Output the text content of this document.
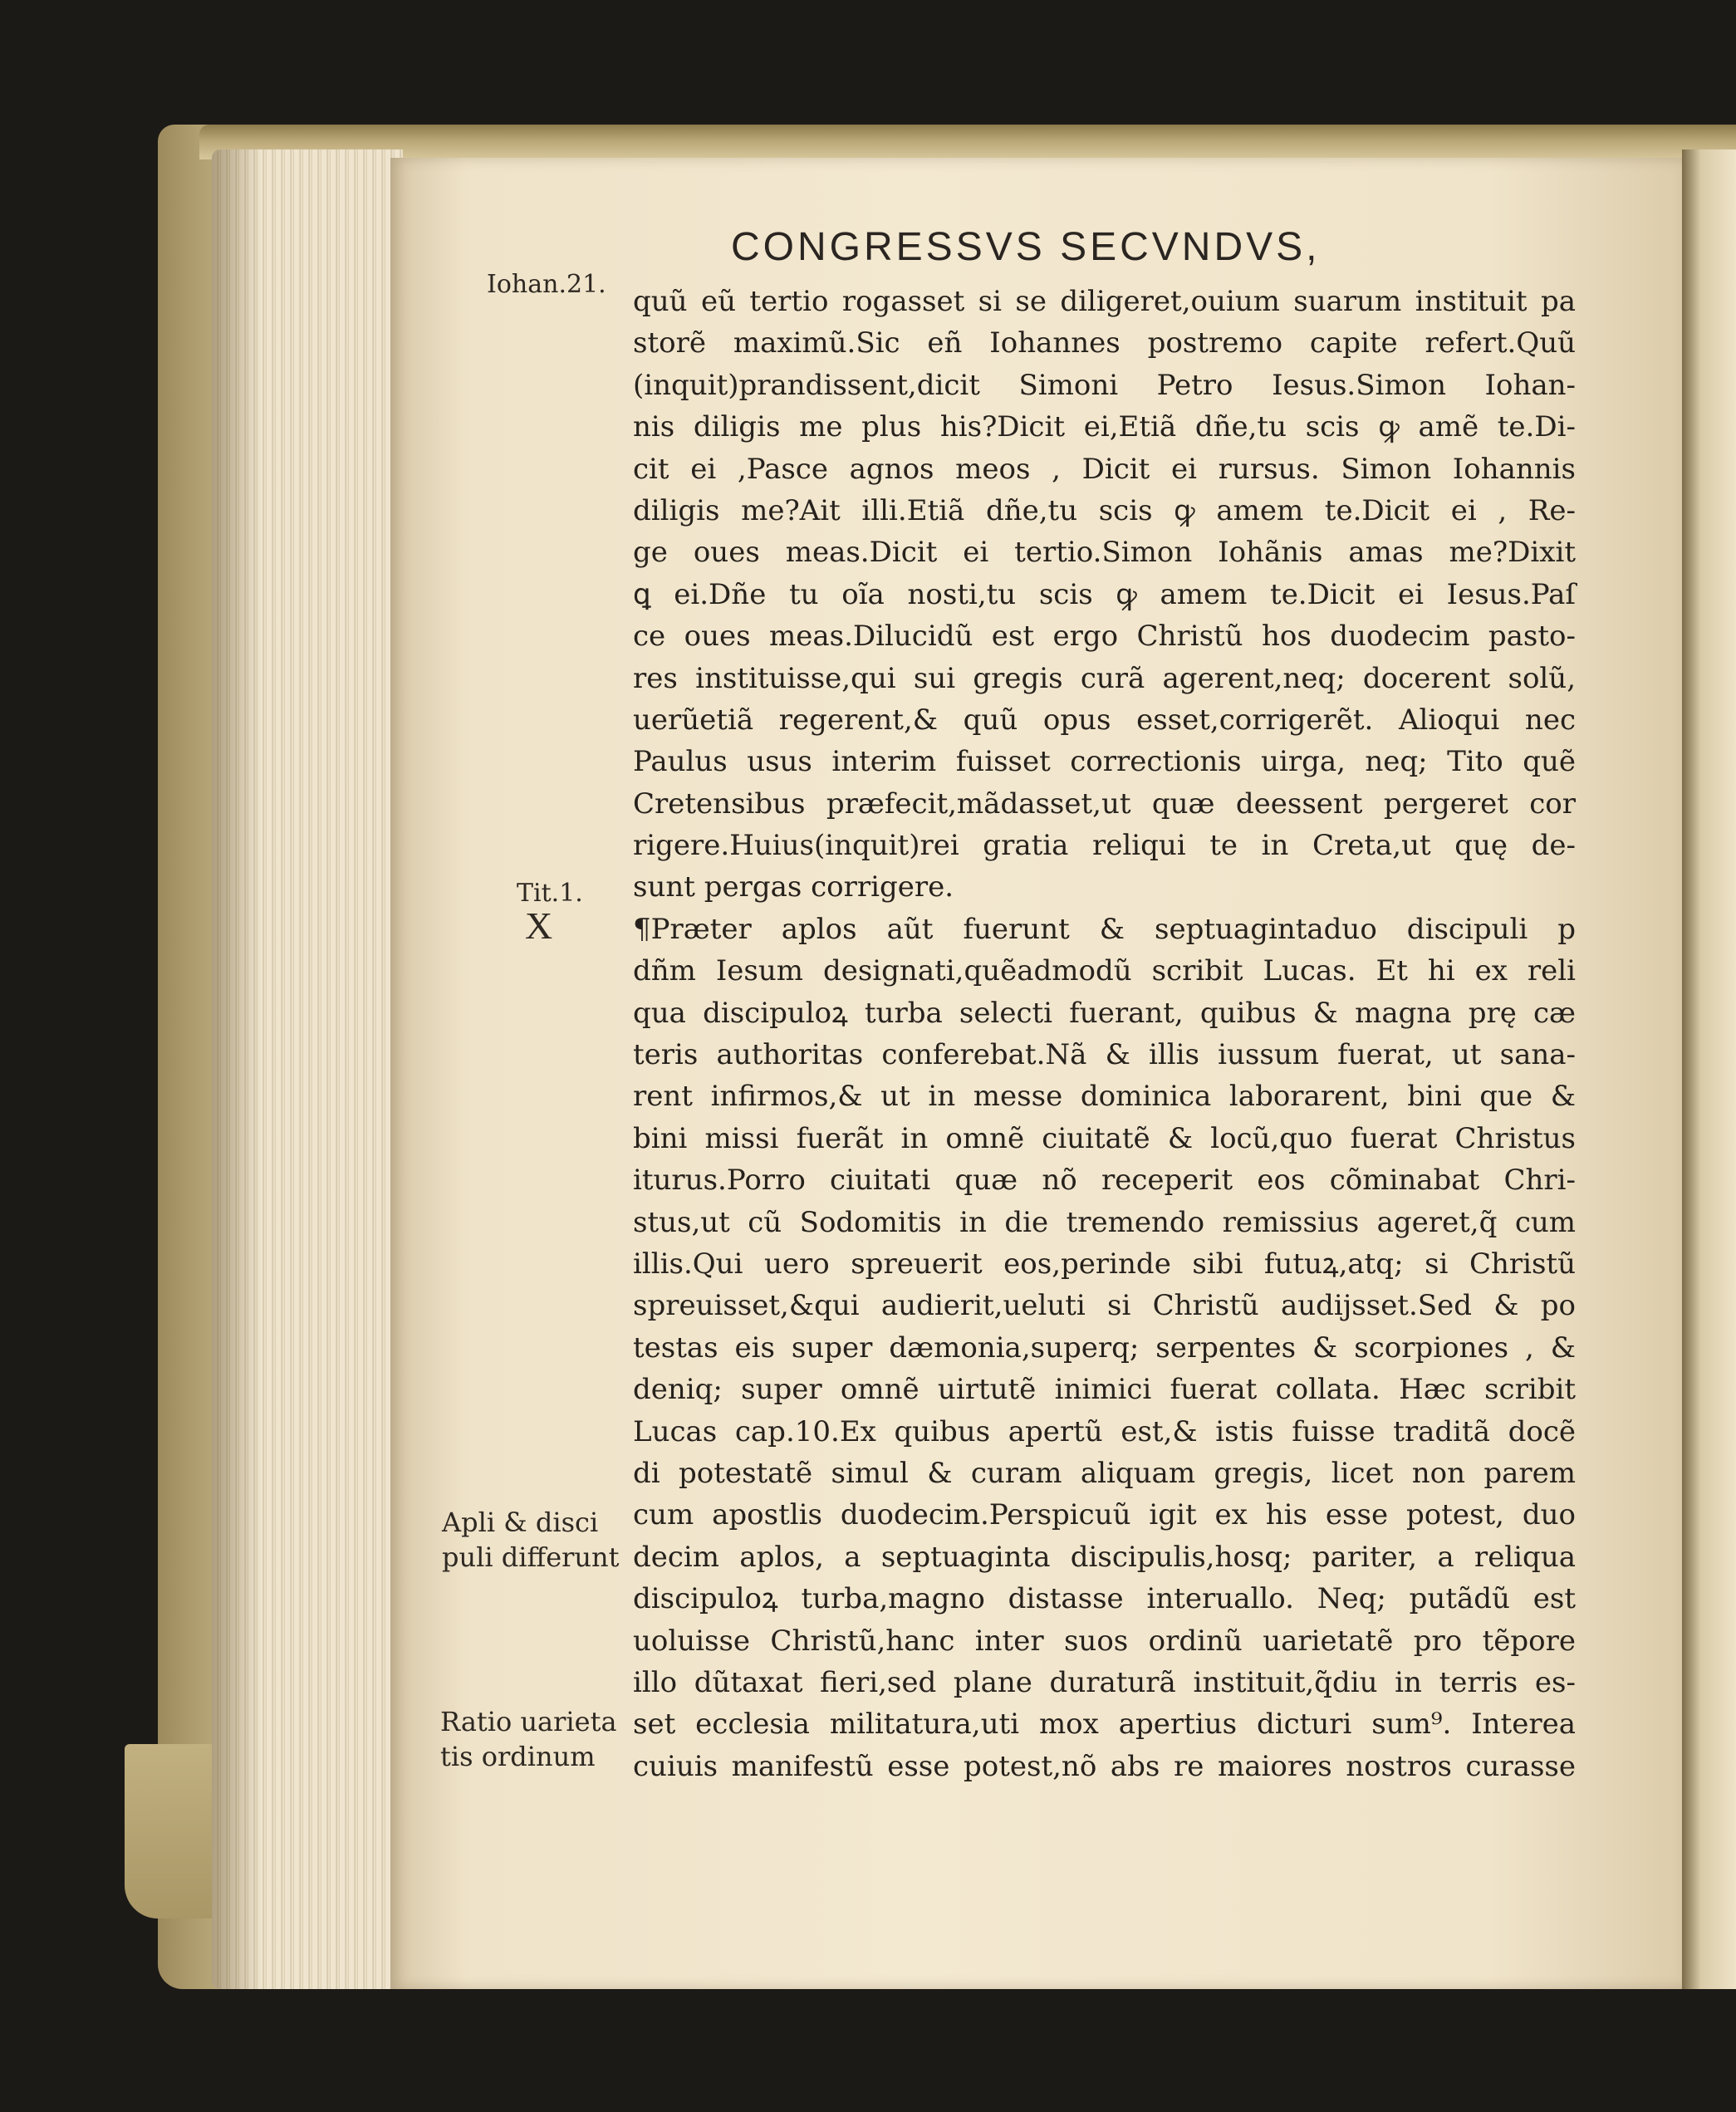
CONGRESSVS SECVNDVS,
Iohan.21.
Tit.1.
X
Apli & disci
puli differunt
Ratio uarieta
tis ordinum
quũ eũ tertio rogasset si se diligeret,ouium suarum instituit pa
storẽ maximũ.Sic eñ Iohannes postremo capite refert.Quũ
(inquit)prandissent,dicit Simoni Petro Iesus.Simon Iohan-
nis diligis me plus his?Dicit ei,Etiã dñe,tu scis ꝙ amẽ te.Di-
cit ei ,Pasce agnos meos , Dicit ei rursus. Simon Iohannis
diligis me?Ait illi.Etiã dñe,tu scis ꝙ amem te.Dicit ei , Re-
ge oues meas.Dicit ei tertio.Simon Iohãnis amas me?Dixit
ꝗ ei.Dñe tu oĩa nosti,tu scis ꝙ amem te.Dicit ei Iesus.Paſ
ce oues meas.Dilucidũ est ergo Christũ hos duodecim pasto-
res instituisse,qui sui gregis curã agerent,neq; docerent solũ,
uerũetiã regerent,& quũ opus esset,corrigerẽt. Alioqui nec
Paulus usus interim fuisset correctionis uirga, neq; Tito quẽ
Cretensibus præfecit,mãdasset,ut quæ deessent pergeret cor
rigere.Huius(inquit)rei gratia reliqui te in Creta,ut quę de-
sunt pergas corrigere.
¶Præter aplos aũt fuerunt & septuagintaduo discipuli p
dñm Iesum designati,quẽadmodũ scribit Lucas. Et hi ex reli
qua discipuloꝝ turba selecti fuerant, quibus & magna prę cæ
teris authoritas conferebat.Nã & illis iussum fuerat, ut sana-
rent infirmos,& ut in messe dominica laborarent, bini que &
bini missi fuerãt in omnẽ ciuitatẽ & locũ,quo fuerat Christus
iturus.Porro ciuitati quæ nõ receperit eos cõminabat Chri-
stus,ut cũ Sodomitis in die tremendo remissius ageret,q̃ cum
illis.Qui uero spreuerit eos,perinde sibi futuꝝ,atq; si Christũ
spreuisset,&qui audierit,ueluti si Christũ audijsset.Sed & po
testas eis super dæmonia,superq; serpentes & scorpiones , &
deniq; super omnẽ uirtutẽ inimici fuerat collata. Hæc scribit
Lucas cap.10.Ex quibus apertũ est,& istis fuisse traditã docẽ
di potestatẽ simul & curam aliquam gregis, licet non parem
cum apostlis duodecim.Perspicuũ igit ex his esse potest, duo
decim aplos, a septuaginta discipulis,hosq; pariter, a reliqua
discipuloꝝ turba,magno distasse interuallo. Neq; putãdũ est
uoluisse Christũ,hanc inter suos ordinũ uarietatẽ pro tẽpore
illo dũtaxat fieri,sed plane duraturã instituit,q̃diu in terris es-
set ecclesia militatura,uti mox apertius dicturi sum⁹. Interea
cuiuis manifestũ esse potest,nõ abs re maiores nostros curasse
